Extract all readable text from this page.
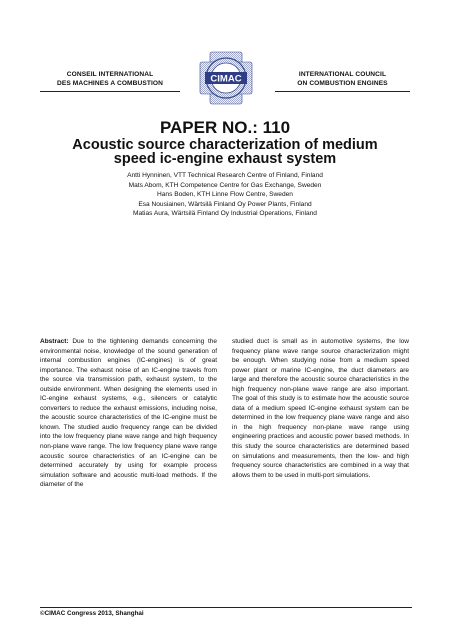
CONSEIL INTERNATIONAL
DES MACHINES A COMBUSTION	CIMAC	INTERNATIONAL COUNCIL
ON COMBUSTION ENGINES
PAPER NO.: 110
Acoustic source characterization of medium
speed ic-engine exhaust system
Antti Hynninen, VTT Technical Research Centre of Finland, Finland
Mats Abom, KTH Competence Centre for Gas Exchange, Sweden
Hans Boden, KTH Linne Flow Centre, Sweden
Esa Nousiainen, Wärtsilä Finland Oy Power Plants, Finland
Matias Aura, Wärtsilä Finland Oy Industrial Operations, Finland
Abstract: Due to the tightening demands concerning the environmental noise, knowledge of the sound generation of internal combustion engines (IC-engines) is of great importance. The exhaust noise of an IC-engine travels from the source via transmission path, exhaust system, to the outside environment. When designing the elements used in IC-engine exhaust systems, e.g., silencers or catalytic converters to reduce the exhaust emissions, including noise, the acoustic source characteristics of the IC-engine must be known. The studied audio frequency range can be divided into the low frequency plane wave range and high frequency non-plane wave range. The low frequency plane wave range acoustic source characteristics of an IC-engine can be determined accurately by using for example process simulation software and acoustic multi-load methods. If the diameter of the
studied duct is small as in automotive systems, the low frequency plane wave range source characterization might be enough. When studying noise from a medium speed power plant or marine IC-engine, the duct diameters are large and therefore the acoustic source characteristics in the high frequency non-plane wave range are also important. The goal of this study is to estimate how the acoustic source data of a medium speed IC-engine exhaust system can be determined in the low frequency plane wave range and also in the high frequency non-plane wave range using engineering practices and acoustic power based methods. In this study the source characteristics are determined based on simulations and measurements, then the low- and high frequency source characteristics are combined in a way that allows them to be used in multi-port simulations.
©CIMAC Congress 2013, Shanghai
